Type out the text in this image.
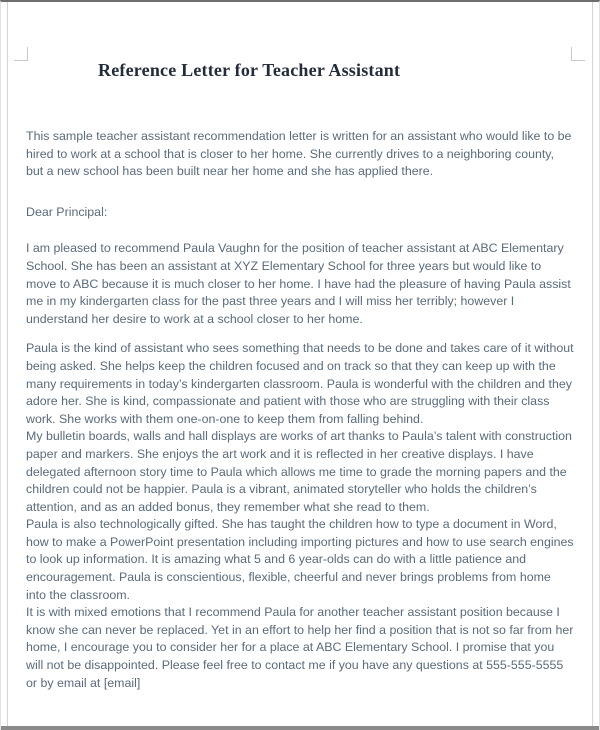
Reference Letter for Teacher Assistant

This sample teacher assistant recommendation letter is written for an assistant who would like to be hired to work at a school that is closer to her home. She currently drives to a neighboring county, but a new school has been built near her home and she has applied there.

Dear Principal:

I am pleased to recommend Paula Vaughn for the position of teacher assistant at ABC Elementary School. She has been an assistant at XYZ Elementary School for three years but would like to move to ABC because it is much closer to her home. I have had the pleasure of having Paula assist me in my kindergarten class for the past three years and I will miss her terribly; however I understand her desire to work at a school closer to her home.

Paula is the kind of assistant who sees something that needs to be done and takes care of it without being asked. She helps keep the children focused and on track so that they can keep up with the many requirements in today’s kindergarten classroom. Paula is wonderful with the children and they adore her. She is kind, compassionate and patient with those who are struggling with their class work. She works with them one-on-one to keep them from falling behind.

My bulletin boards, walls and hall displays are works of art thanks to Paula’s talent with construction paper and markers. She enjoys the art work and it is reflected in her creative displays. I have delegated afternoon story time to Paula which allows me time to grade the morning papers and the children could not be happier. Paula is a vibrant, animated storyteller who holds the children’s attention, and as an added bonus, they remember what she read to them.

Paula is also technologically gifted. She has taught the children how to type a document in Word, how to make a PowerPoint presentation including importing pictures and how to use search engines to look up information. It is amazing what 5 and 6 year-olds can do with a little patience and encouragement. Paula is conscientious, flexible, cheerful and never brings problems from home into the classroom.

It is with mixed emotions that I recommend Paula for another teacher assistant position because I know she can never be replaced. Yet in an effort to help her find a position that is not so far from her home, I encourage you to consider her for a place at ABC Elementary School. I promise that you will not be disappointed. Please feel free to contact me if you have any questions at 555-555-5555 or by email at [email]
